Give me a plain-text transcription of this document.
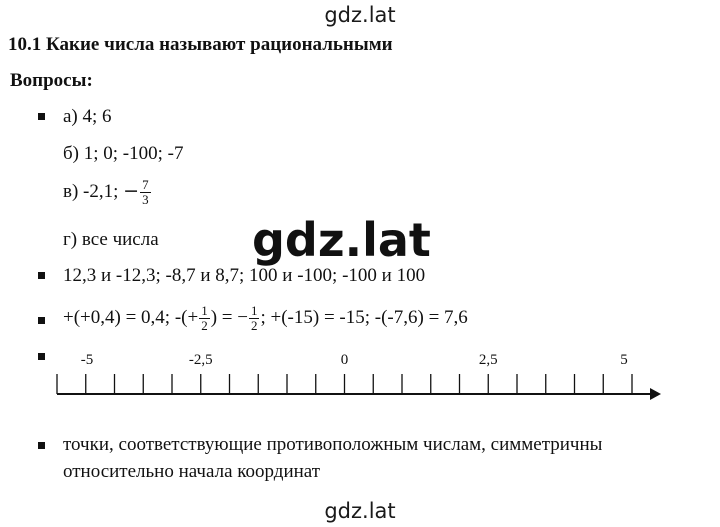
gdz.lat
10.1 Какие числа называют рациональными
Вопросы:
а) 4; 6
б) 1; 0; -100; -7
в) -2,1; − $\frac{7}{3}$
г) все числа gdz.lat
12,3 и -12,3; -8,7 и 8,7; 100 и -100; -100 и 100
+(+0,4) = 0,4; -(+ $\frac{1}{2}$ ) = − $\frac{1}{2}$ ; +(-15) = -15; -(-7,6) = 7,6
-5	-2,5	0	2,5	5
точки, соответствующие противоположным числам, симметричны
относительно начала координат
gdz.lat
